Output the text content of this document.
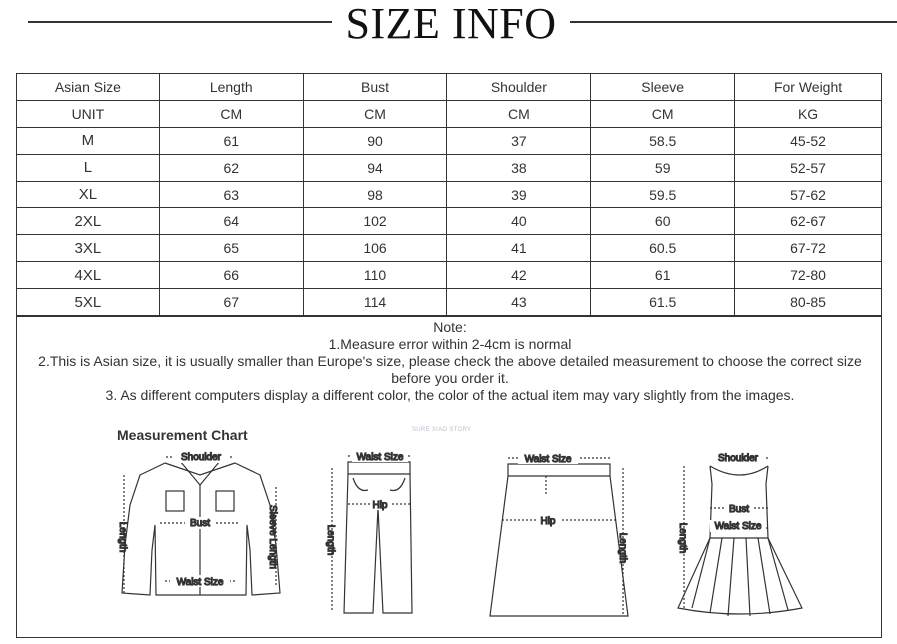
SIZE INFO
Asian Size	Length	Bust	Shoulder	Sleeve	For Weight
UNIT	CM	CM	CM	CM	KG
M	61	90	37	58.5	45-52
L	62	94	38	59	52-57
XL	63	98	39	59.5	57-62
2XL	64	102	40	60	62-67
3XL	65	106	41	60.5	67-72
4XL	66	110	42	61	72-80
5XL	67	114	43	61.5	80-85
Note:
1.Measure error within 2-4cm is normal
2.This is Asian size, it is usually smaller than Europe's size, please check the above detailed measurement to choose the correct size
before you order it.
3. As different computers display a different color, the color of the actual item may vary slightly from the images.
Measurement Chart	SURE XIAO STORY
Shoulder
Bust
Waist Size
Length	Sleeve Length
Waist Size
Hip
Length
Waist Size
Hip
Length
Shoulder
Bust
Waist Size
Length
